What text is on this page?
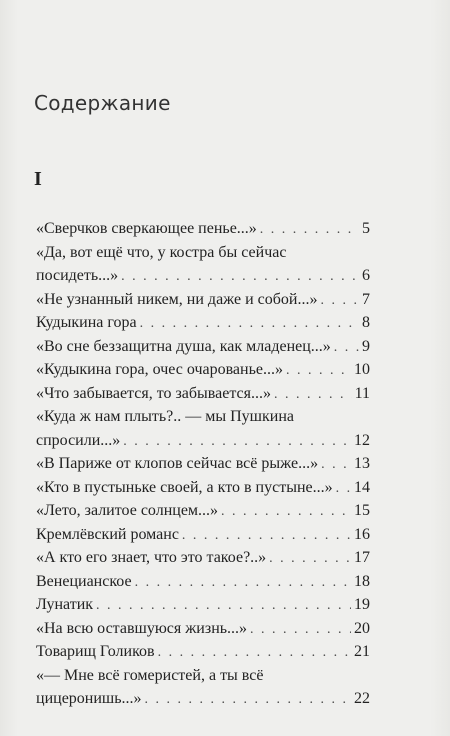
Содержание
I
«Сверчков сверкающее пенье...» . . .	5
«Да, вот ещё что, у костра бы сейчас
посидеть...» . . .	6
«Не узнанный никем, ни даже и собой...» . . .	7
Кудыкина гора . . .	8
«Во сне беззащитна душа, как младенец...» . . . 9
«Кудыкина гора, очес очарованье...» . . .	10
«Что забывается, то забывается...» . . .	11
«Куда ж нам плыть?.. — мы Пушкина
спросили...» . . .	12
«В Париже от клопов сейчас всё рыже...» . . . 13
«Кто в пустыньке своей, а кто в пустыне...» . . . 14
«Лето, залитое солнцем...» . . .	15
Кремлёвский романс . . .	16
«А кто его знает, что это такое?..» . . .	17
Венецианское . . .	18
Лунатик . . .	19
«На всю оставшуюся жизнь...» . . .	20
Товарищ Голиков . . .	21
«— Мне всё гомеристей, а ты всё
цицеронишь...» . . .	22
